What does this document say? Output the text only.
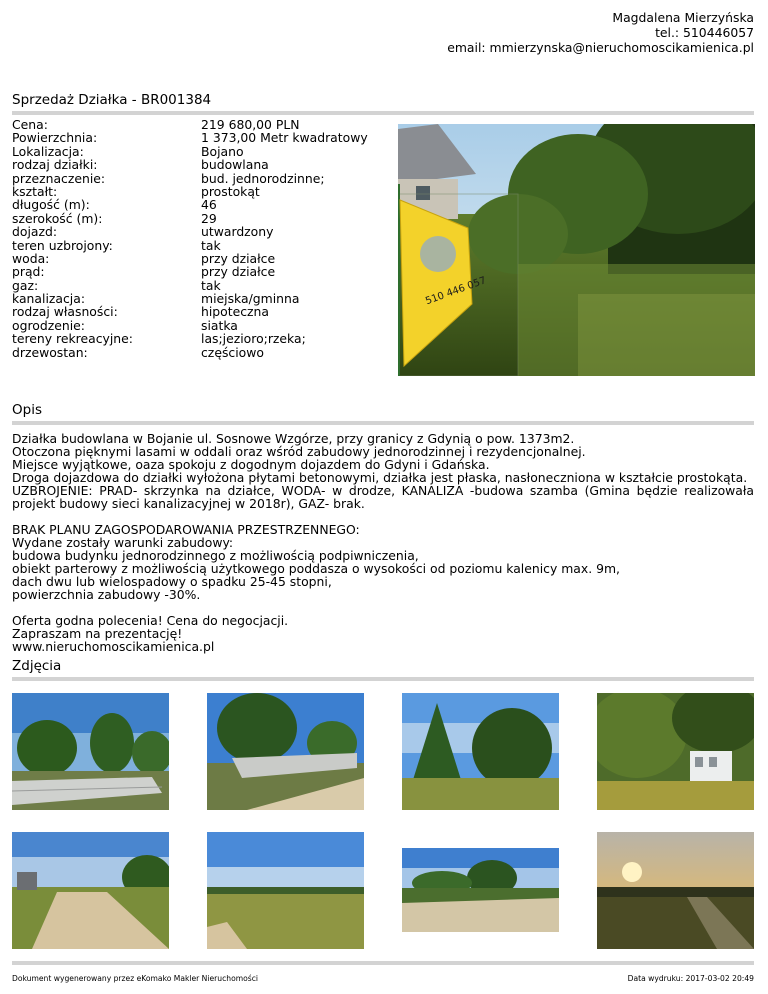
Magdalena Mierzyńska
tel.: 510446057
email: mmierzynska@nieruchomoscikamienica.pl
Sprzedaż Działka - BR001384
Cena:	219 680,00 PLN
Powierzchnia:	1 373,00 Metr kwadratowy
Lokalizacja:	Bojano
rodzaj działki:	budowlana
przeznaczenie:	bud. jednorodzinne;
kształt:	prostokąt
długość (m):	46
szerokość (m):	29
dojazd:	utwardzony
teren uzbrojony:	tak
woda:	przy działce
prąd:	przy działce
gaz:	tak
kanalizacja:	miejska/gminna
rodzaj własności:	hipoteczna
ogrodzenie:	siatka
tereny rekreacyjne:	las;jezioro;rzeka;
drzewostan:	częściowo
510 446 057
Opis

Działka budowlana w Bojanie ul. Sosnowe Wzgórze, przy granicy z Gdynią o pow. 1373m2.

Otoczona pięknymi lasami w oddali oraz wśród zabudowy jednorodzinnej i rezydencjonalnej.

Miejsce wyjątkowe, oaza spokoju z dogodnym dojazdem do Gdyni i Gdańska.

Droga dojazdowa do działki wyłożona płytami betonowymi, działka jest płaska, nasłoneczniona w kształcie prostokąta.

UZBROJENIE: PRAD- skrzynka na działce, WODA- w drodze, KANALIZA -budowa szamba (Gmina będzie realizowała projekt budowy sieci kanalizacyjnej w 2018r), GAZ- brak.

BRAK PLANU ZAGOSPODAROWANIA PRZESTRZENNEGO:

Wydane zostały warunki zabudowy:

budowa budynku jednorodzinnego z możliwością podpiwniczenia,

obiekt parterowy z możliwością użytkowego poddasza o wysokości od poziomu kalenicy max. 9m,

dach dwu lub wielospadowy o spadku 25-45 stopni,

powierzchnia zabudowy -30%.

Oferta godna polecenia! Cena do negocjacji.

Zapraszam na prezentację!

www.nieruchomoscikamienica.pl

Zdjęcia
Dokument wygenerowany przez eKomako Makler Nieruchomości	Data wydruku: 2017-03-02 20:49
